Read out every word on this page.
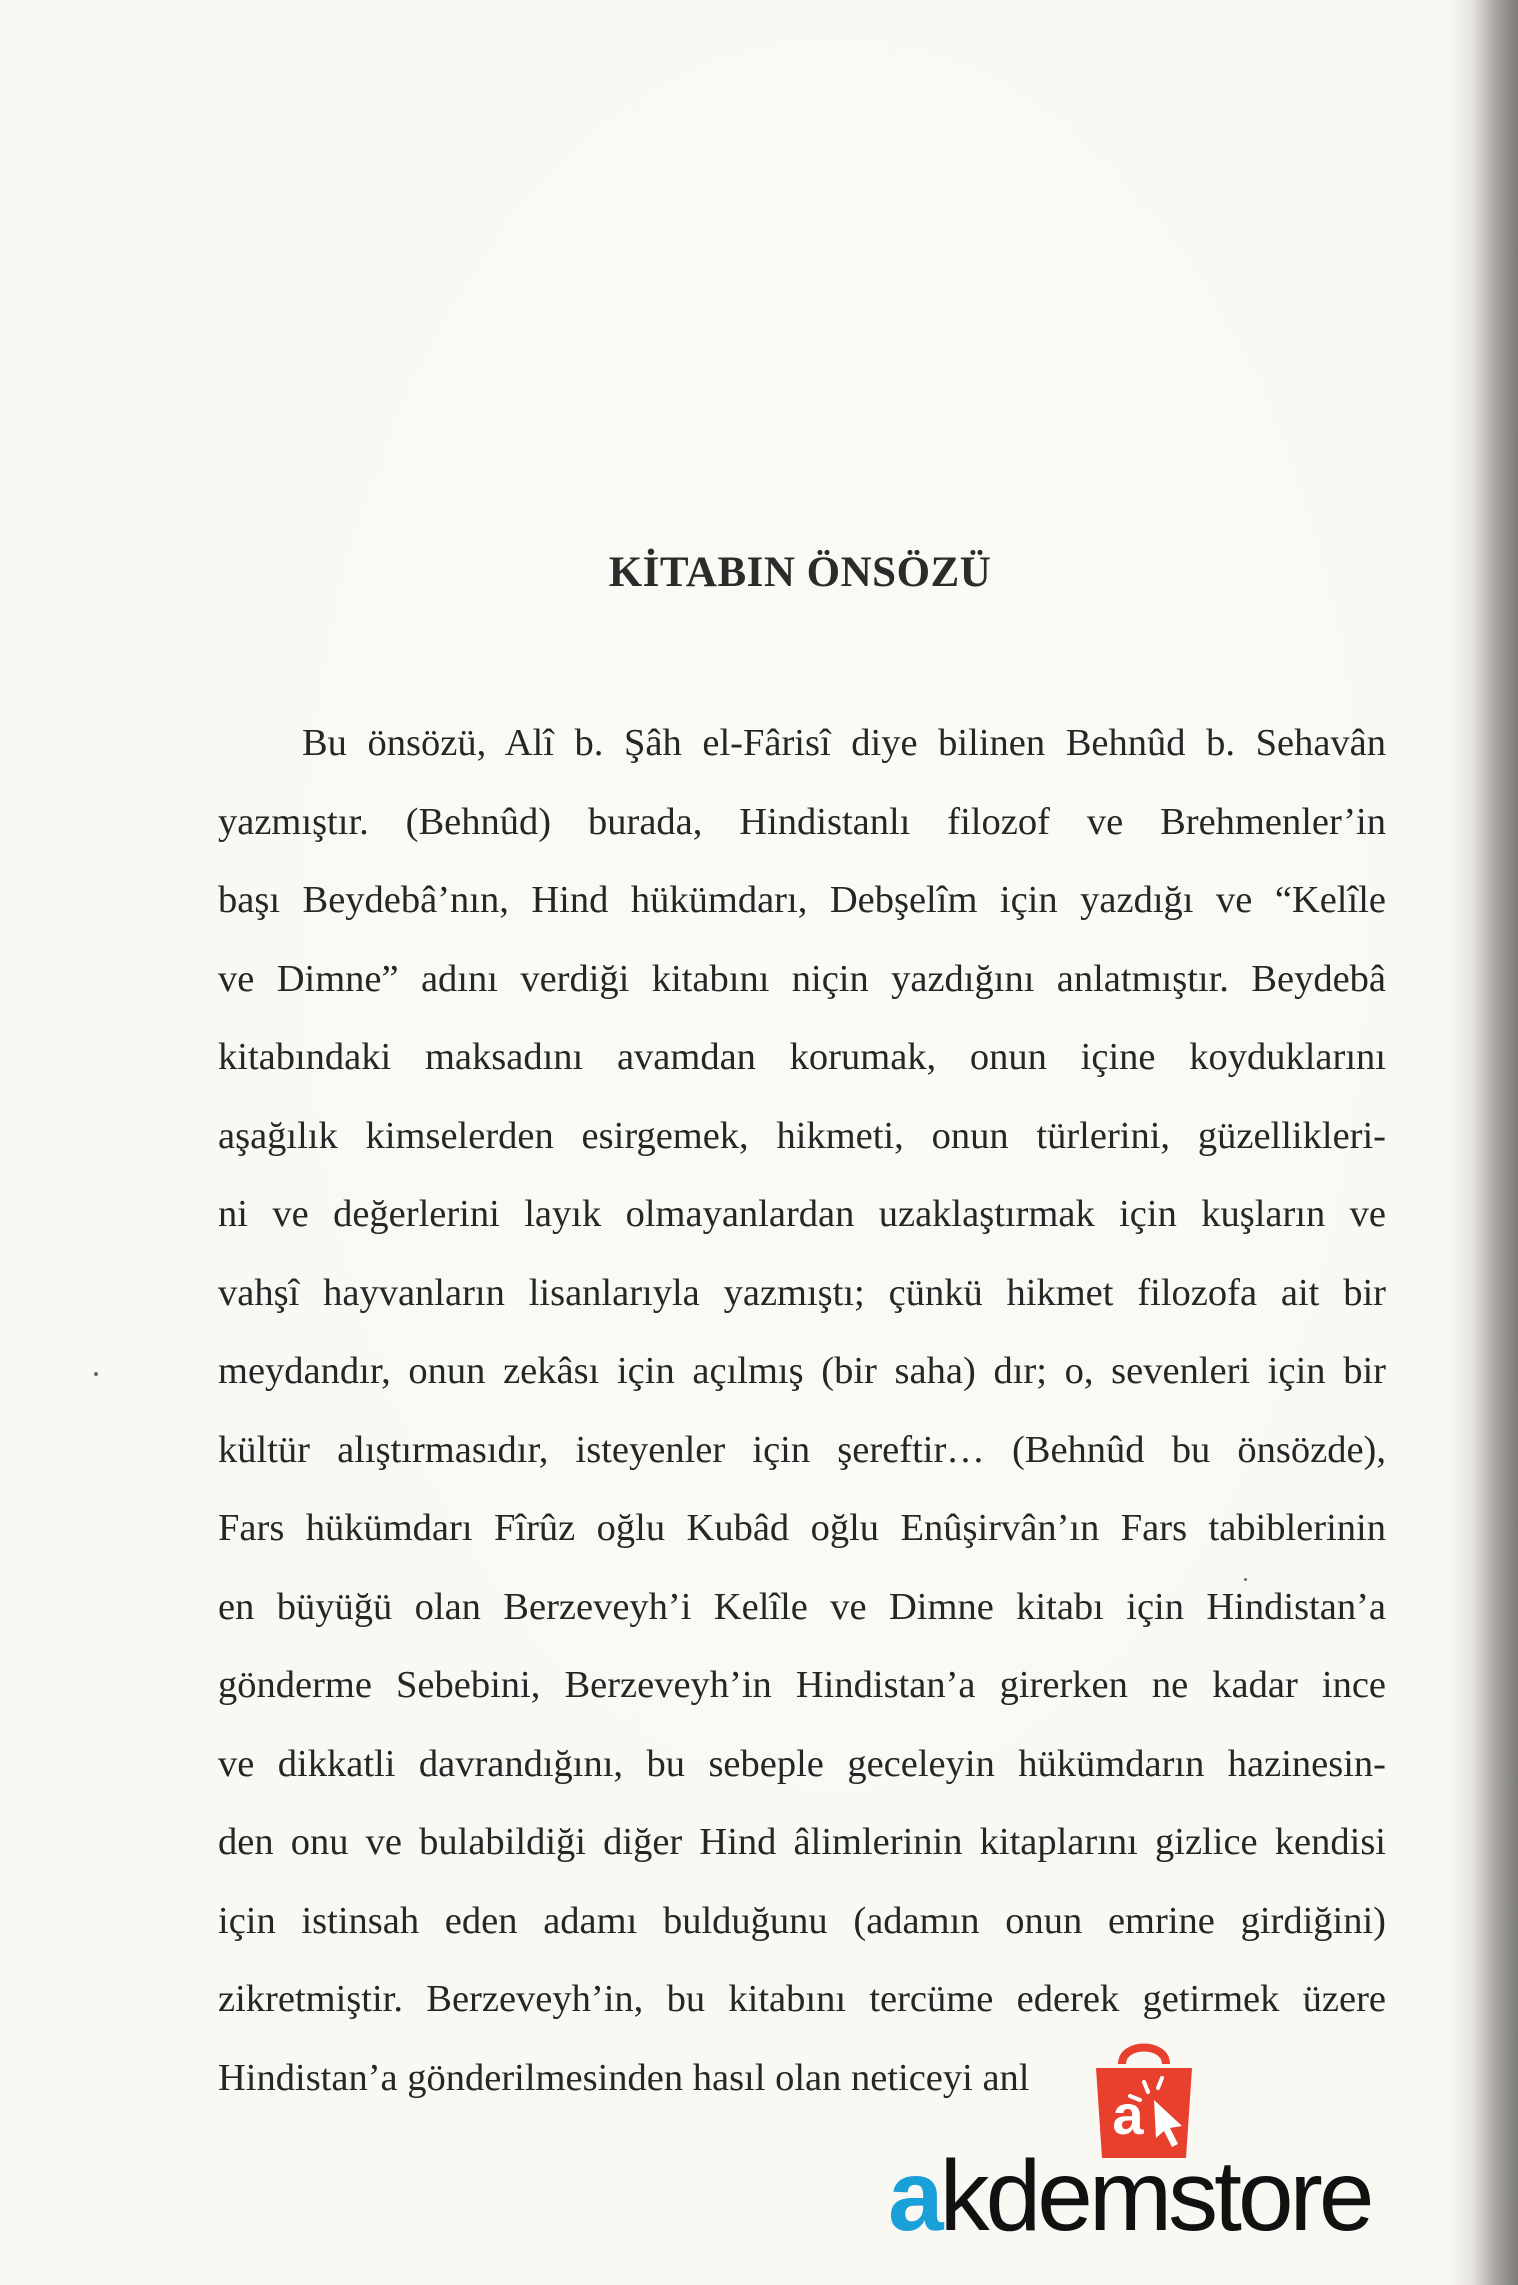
KİTABIN ÖNSÖZÜ
Bu önsözü, Alî b. Şâh el-Fârisî diye bilinen Behnûd b. Sehavân
yazmıştır. (Behnûd) burada, Hindistanlı filozof ve Brehmenler’in
başı Beydebâ’nın, Hind hükümdarı, Debşelîm için yazdığı ve “Kelîle
ve Dimne” adını verdiği kitabını niçin yazdığını anlatmıştır. Beydebâ
kitabındaki maksadını avamdan korumak, onun içine koyduklarını
aşağılık kimselerden esirgemek, hikmeti, onun türlerini, güzellikleri-
ni ve değerlerini layık olmayanlardan uzaklaştırmak için kuşların ve
vahşî hayvanların lisanlarıyla yazmıştı; çünkü hikmet filozofa ait bir
meydandır, onun zekâsı için açılmış (bir saha) dır; o, sevenleri için bir
kültür alıştırmasıdır, isteyenler için şereftir… (Behnûd bu önsözde),
Fars hükümdarı Fîrûz oğlu Kubâd oğlu Enûşirvân’ın Fars tabiblerinin
en büyüğü olan Berzeveyh’i Kelîle ve Dimne kitabı için Hindistan’a
gönderme Sebebini, Berzeveyh’in Hindistan’a girerken ne kadar ince
ve dikkatli davrandığını, bu sebeple geceleyin hükümdarın hazinesin-
den onu ve bulabildiği diğer Hind âlimlerinin kitaplarını gizlice kendisi
için istinsah eden adamı bulduğunu (adamın onun emrine girdiğini)
zikretmiştir. Berzeveyh’in, bu kitabını tercüme ederek getirmek üzere
Hindistan’a gönderilmesinden hasıl olan neticeyi anl
a
akdemstore
